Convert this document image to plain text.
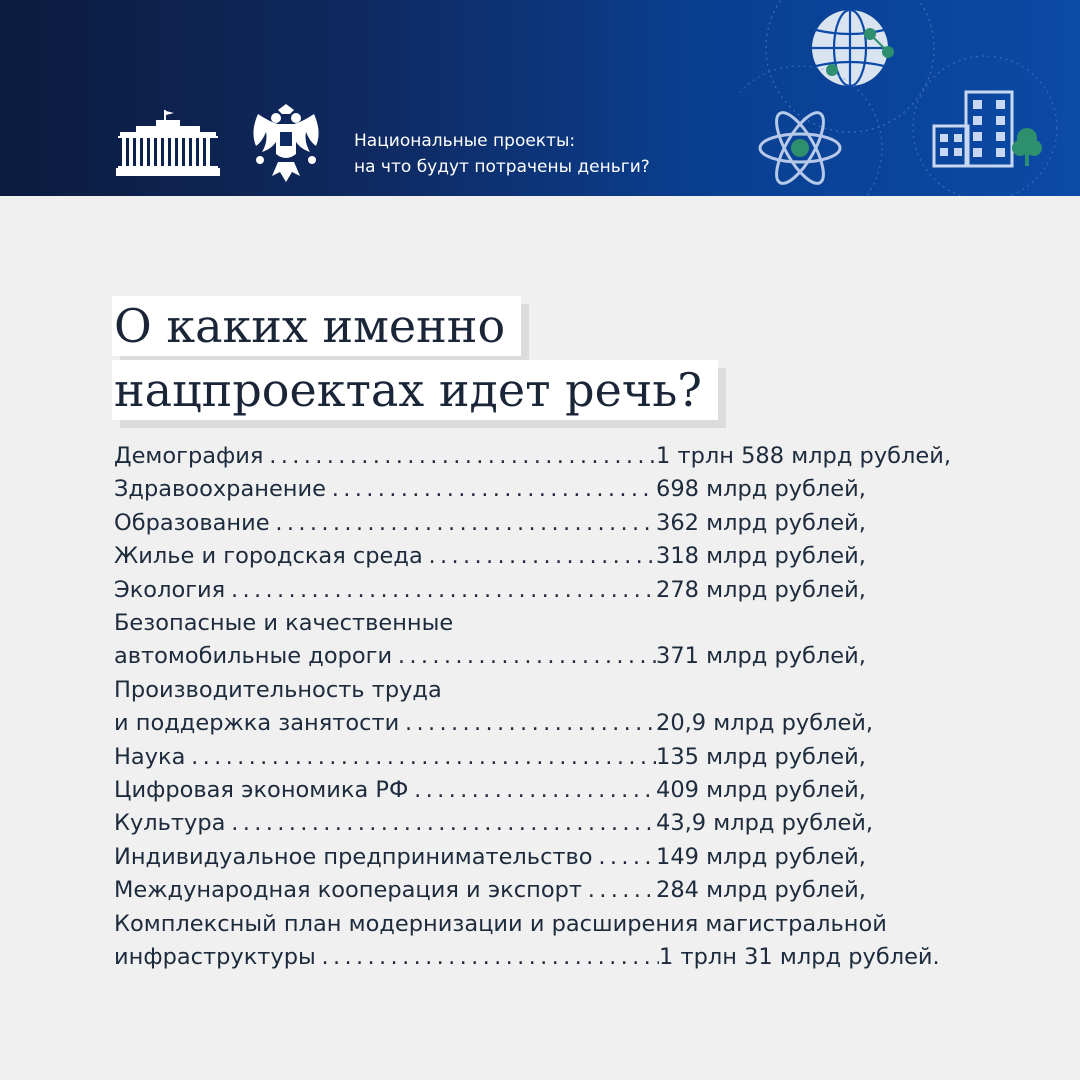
Национальные проекты:
на что будут потрачены деньги?
О каких именно
нацпроектах идет речь?
Демография . . .	1 трлн 588 млрд рублей,
Здравоохранение . . .	698 млрд рублей,
Образование . . .	362 млрд рублей,
Жилье и городская среда . . .	318 млрд рублей,
Экология . . .	278 млрд рублей,
Безопасные и качественные
автомобильные дороги . . .	371 млрд рублей,
Производительность труда
и поддержка занятости . . .	20,9 млрд рублей,
Наука . . .	135 млрд рублей,
Цифровая экономика РФ . . .	409 млрд рублей,
Культура . . .	43,9 млрд рублей,
Индивидуальное предпринимательство . . .	149 млрд рублей,
Международная кооперация и экспорт . . .	284 млрд рублей,
Комплексный план модернизации и расширения магистральной
инфраструктуры . . .	1 трлн 31 млрд рублей.
